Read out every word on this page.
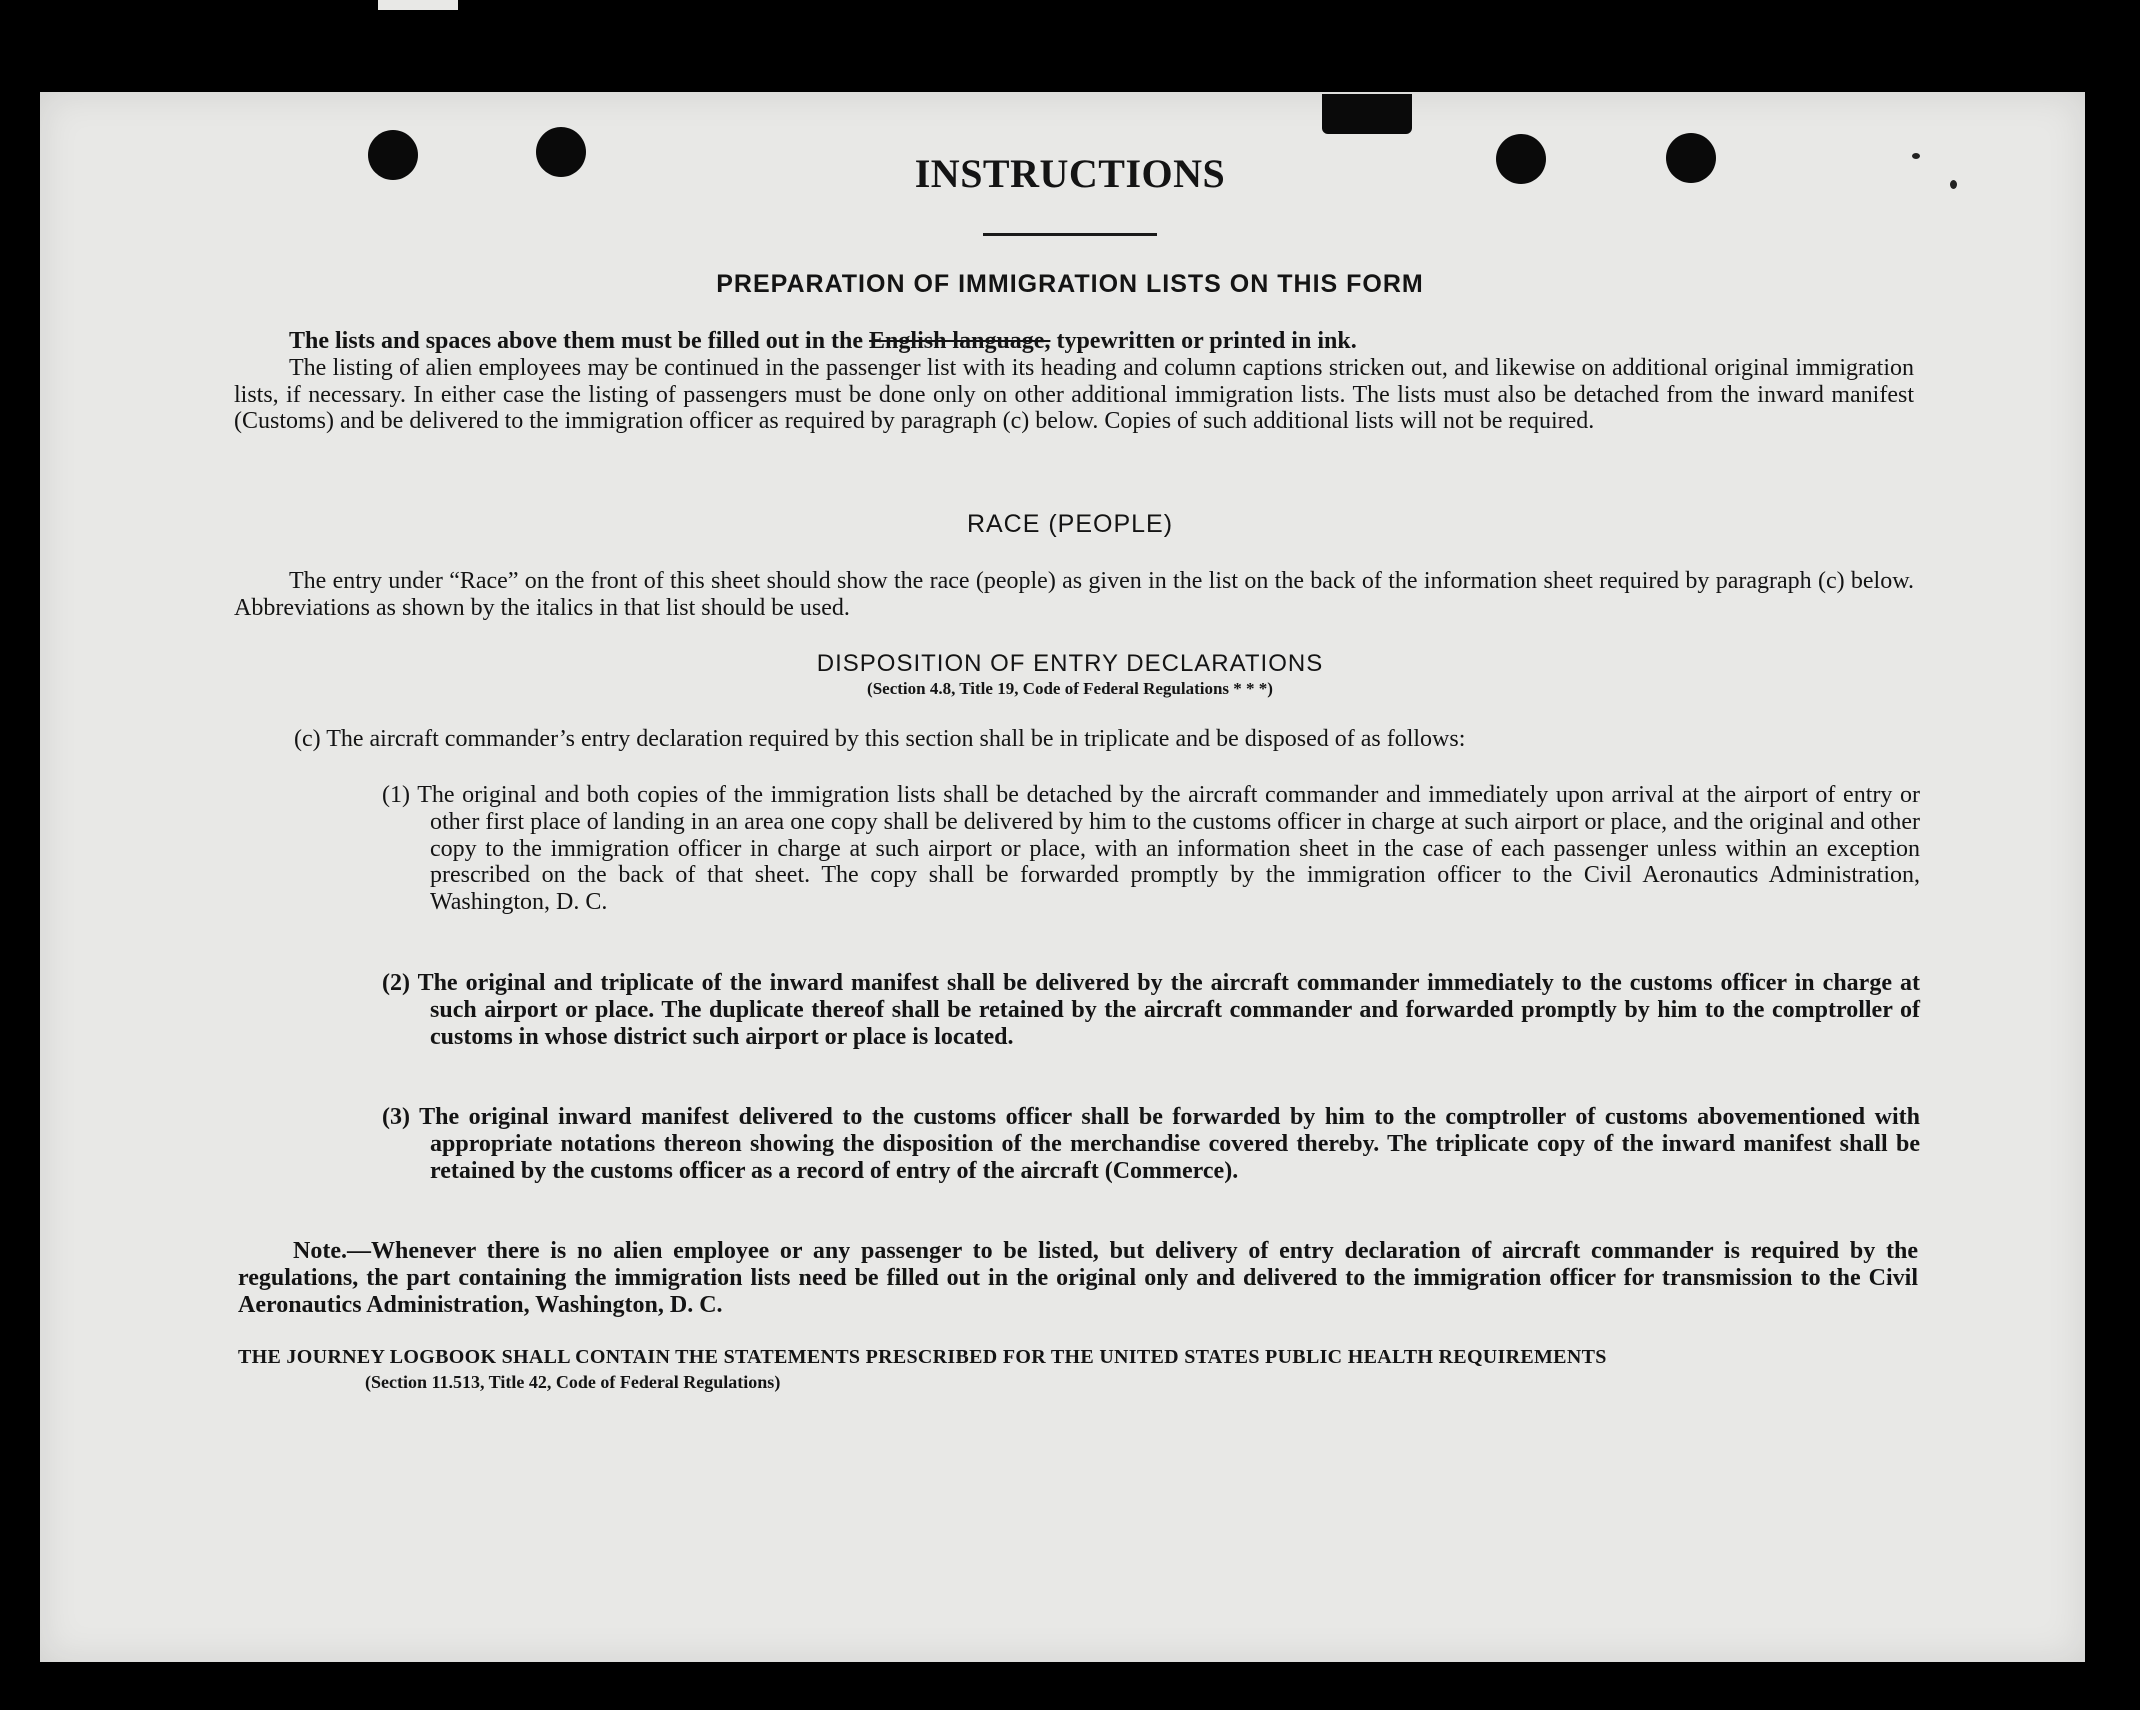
INSTRUCTIONS
PREPARATION OF IMMIGRATION LISTS ON THIS FORM

The lists and spaces above them must be filled out in the English language, typewritten or printed in ink.

The listing of alien employees may be continued in the passenger list with its heading and column captions stricken out, and likewise on additional original immigration lists, if necessary. In either case the listing of passengers must be done only on other additional immigration lists. The lists must also be detached from the inward manifest (Customs) and be delivered to the immigration officer as required by paragraph (c) below. Copies of such additional lists will not be required.

RACE (PEOPLE)
The entry under “Race” on the front of this sheet should show the race (people) as given in the list on the back of the information sheet required by paragraph (c) below. Abbreviations as shown by the italics in that list should be used.
DISPOSITION OF ENTRY DECLARATIONS
(Section 4.8, Title 19, Code of Federal Regulations * * *)
(c) The aircraft commander’s entry declaration required by this section shall be in triplicate and be disposed of as follows:

(1) The original and both copies of the immigration lists shall be detached by the aircraft commander and immediately upon arrival at the airport of entry or other first place of landing in an area one copy shall be delivered by him to the customs officer in charge at such airport or place, and the original and other copy to the immigration officer in charge at such airport or place, with an information sheet in the case of each passenger unless within an exception prescribed on the back of that sheet. The copy shall be forwarded promptly by the immigration officer to the Civil Aeronautics Administration, Washington, D. C.

(2) The original and triplicate of the inward manifest shall be delivered by the aircraft commander immediately to the customs officer in charge at such airport or place. The duplicate thereof shall be retained by the aircraft commander and forwarded promptly by him to the comptroller of customs in whose district such airport or place is located.

(3) The original inward manifest delivered to the customs officer shall be forwarded by him to the comptroller of customs abovementioned with appropriate notations thereon showing the disposition of the merchandise covered thereby. The triplicate copy of the inward manifest shall be retained by the customs officer as a record of entry of the aircraft (Commerce).

Note.—Whenever there is no alien employee or any passenger to be listed, but delivery of entry declaration of aircraft commander is required by the regulations, the part containing the immigration lists need be filled out in the original only and delivered to the immigration officer for transmission to the Civil Aeronautics Administration, Washington, D. C.
THE JOURNEY LOGBOOK SHALL CONTAIN THE STATEMENTS PRESCRIBED FOR THE UNITED STATES PUBLIC HEALTH REQUIREMENTS
(Section 11.513, Title 42, Code of Federal Regulations)
